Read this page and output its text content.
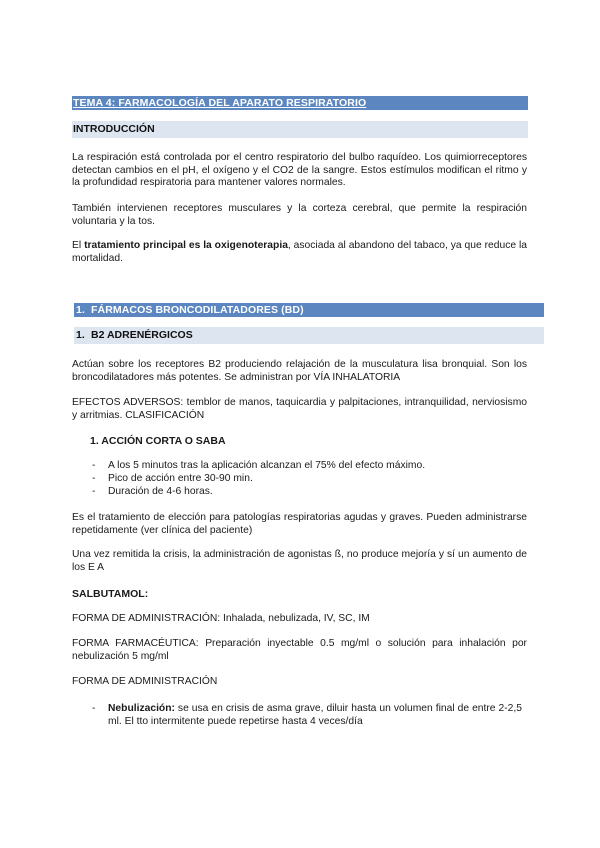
TEMA 4: FARMACOLOGÍA DEL APARATO RESPIRATORIO
INTRODUCCIÓN
La respiración está controlada por el centro respiratorio del bulbo raquídeo. Los quimiorreceptores detectan cambios en el pH, el oxígeno y el CO2 de la sangre. Estos estímulos modifican el ritmo y la profundidad respiratoria para mantener valores normales.
También intervienen receptores musculares y la corteza cerebral, que permite la respiración voluntaria y la tos.
El tratamiento principal es la oxigenoterapia, asociada al abandono del tabaco, ya que reduce la mortalidad.
1. FÁRMACOS BRONCODILATADORES (BD)
1. B2 ADRENÉRGICOS
Actúan sobre los receptores B2 produciendo relajación de la musculatura lisa bronquial. Son los broncodilatadores más potentes. Se administran por VÍA INHALATORIA
EFECTOS ADVERSOS: temblor de manos, taquicardia y palpitaciones, intranquilidad, nerviosismo y arritmias. CLASIFICACIÓN
1. ACCIÓN CORTA O SABA
- A los 5 minutos tras la aplicación alcanzan el 75% del efecto máximo.
- Pico de acción entre 30-90 min.
- Duración de 4-6 horas.
Es el tratamiento de elección para patologías respiratorias agudas y graves. Pueden administrarse repetidamente (ver clínica del paciente)
Una vez remitida la crisis, la administración de agonistas ß, no produce mejoría y sí un aumento de los E A
SALBUTAMOL:
FORMA DE ADMINISTRACIÓN: Inhalada, nebulizada, IV, SC, IM
FORMA FARMACÉUTICA: Preparación inyectable 0.5 mg/ml o solución para inhalación por nebulización 5 mg/ml
FORMA DE ADMINISTRACIÓN
- Nebulización: se usa en crisis de asma grave, diluir hasta un volumen final de entre 2-2,5 ml. El tto intermitente puede repetirse hasta 4 veces/día
